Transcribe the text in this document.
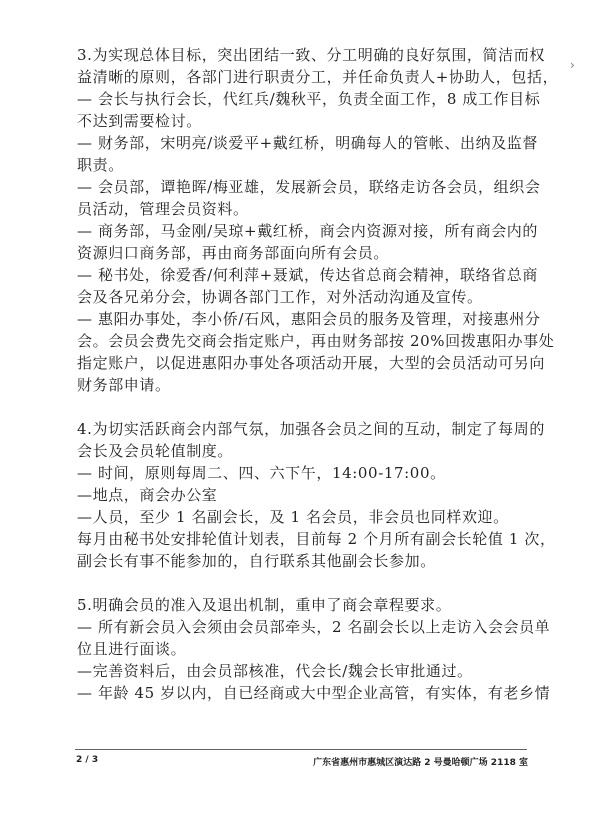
3.为实现总体目标，突出团结一致、分工明确的良好氛围，简洁而权
益清晰的原则，各部门进行职责分工，并任命负责人+协助人，包括，
— 会长与执行会长，代红兵/魏秋平，负责全面工作，8 成工作目标
不达到需要检讨。
— 财务部，宋明亮/谈爱平+戴红桥，明确每人的管帐、出纳及监督
职责。
— 会员部，谭艳晖/梅亚雄，发展新会员，联络走访各会员，组织会
员活动，管理会员资料。
— 商务部，马金刚/吴琼+戴红桥，商会内资源对接，所有商会内的
资源归口商务部，再由商务部面向所有会员。
— 秘书处，徐爱香/何利萍+聂斌，传达省总商会精神，联络省总商
会及各兄弟分会，协调各部门工作，对外活动沟通及宣传。
— 惠阳办事处，李小侨/石风，惠阳会员的服务及管理，对接惠州分
会。会员会费先交商会指定账户，再由财务部按 20%回拨惠阳办事处
指定账户，以促进惠阳办事处各项活动开展，大型的会员活动可另向
财务部申请。
4.为切实活跃商会内部气氛，加强各会员之间的互动，制定了每周的
会长及会员轮值制度。
— 时间，原则每周二、四、六下午，14:00-17:00。
—地点，商会办公室
—人员，至少 1 名副会长，及 1 名会员，非会员也同样欢迎。
每月由秘书处安排轮值计划表，目前每 2 个月所有副会长轮值 1 次，
副会长有事不能参加的，自行联系其他副会长参加。
5.明确会员的准入及退出机制，重申了商会章程要求。
— 所有新会员入会须由会员部牵头，2 名副会长以上走访入会会员单
位且进行面谈。
—完善资料后，由会员部核准，代会长/魏会长审批通过。
— 年龄 45 岁以内，自已经商或大中型企业高管，有实体，有老乡情
›
2 / 3	广东省惠州市惠城区演达路 2 号曼哈顿广场 2118 室
